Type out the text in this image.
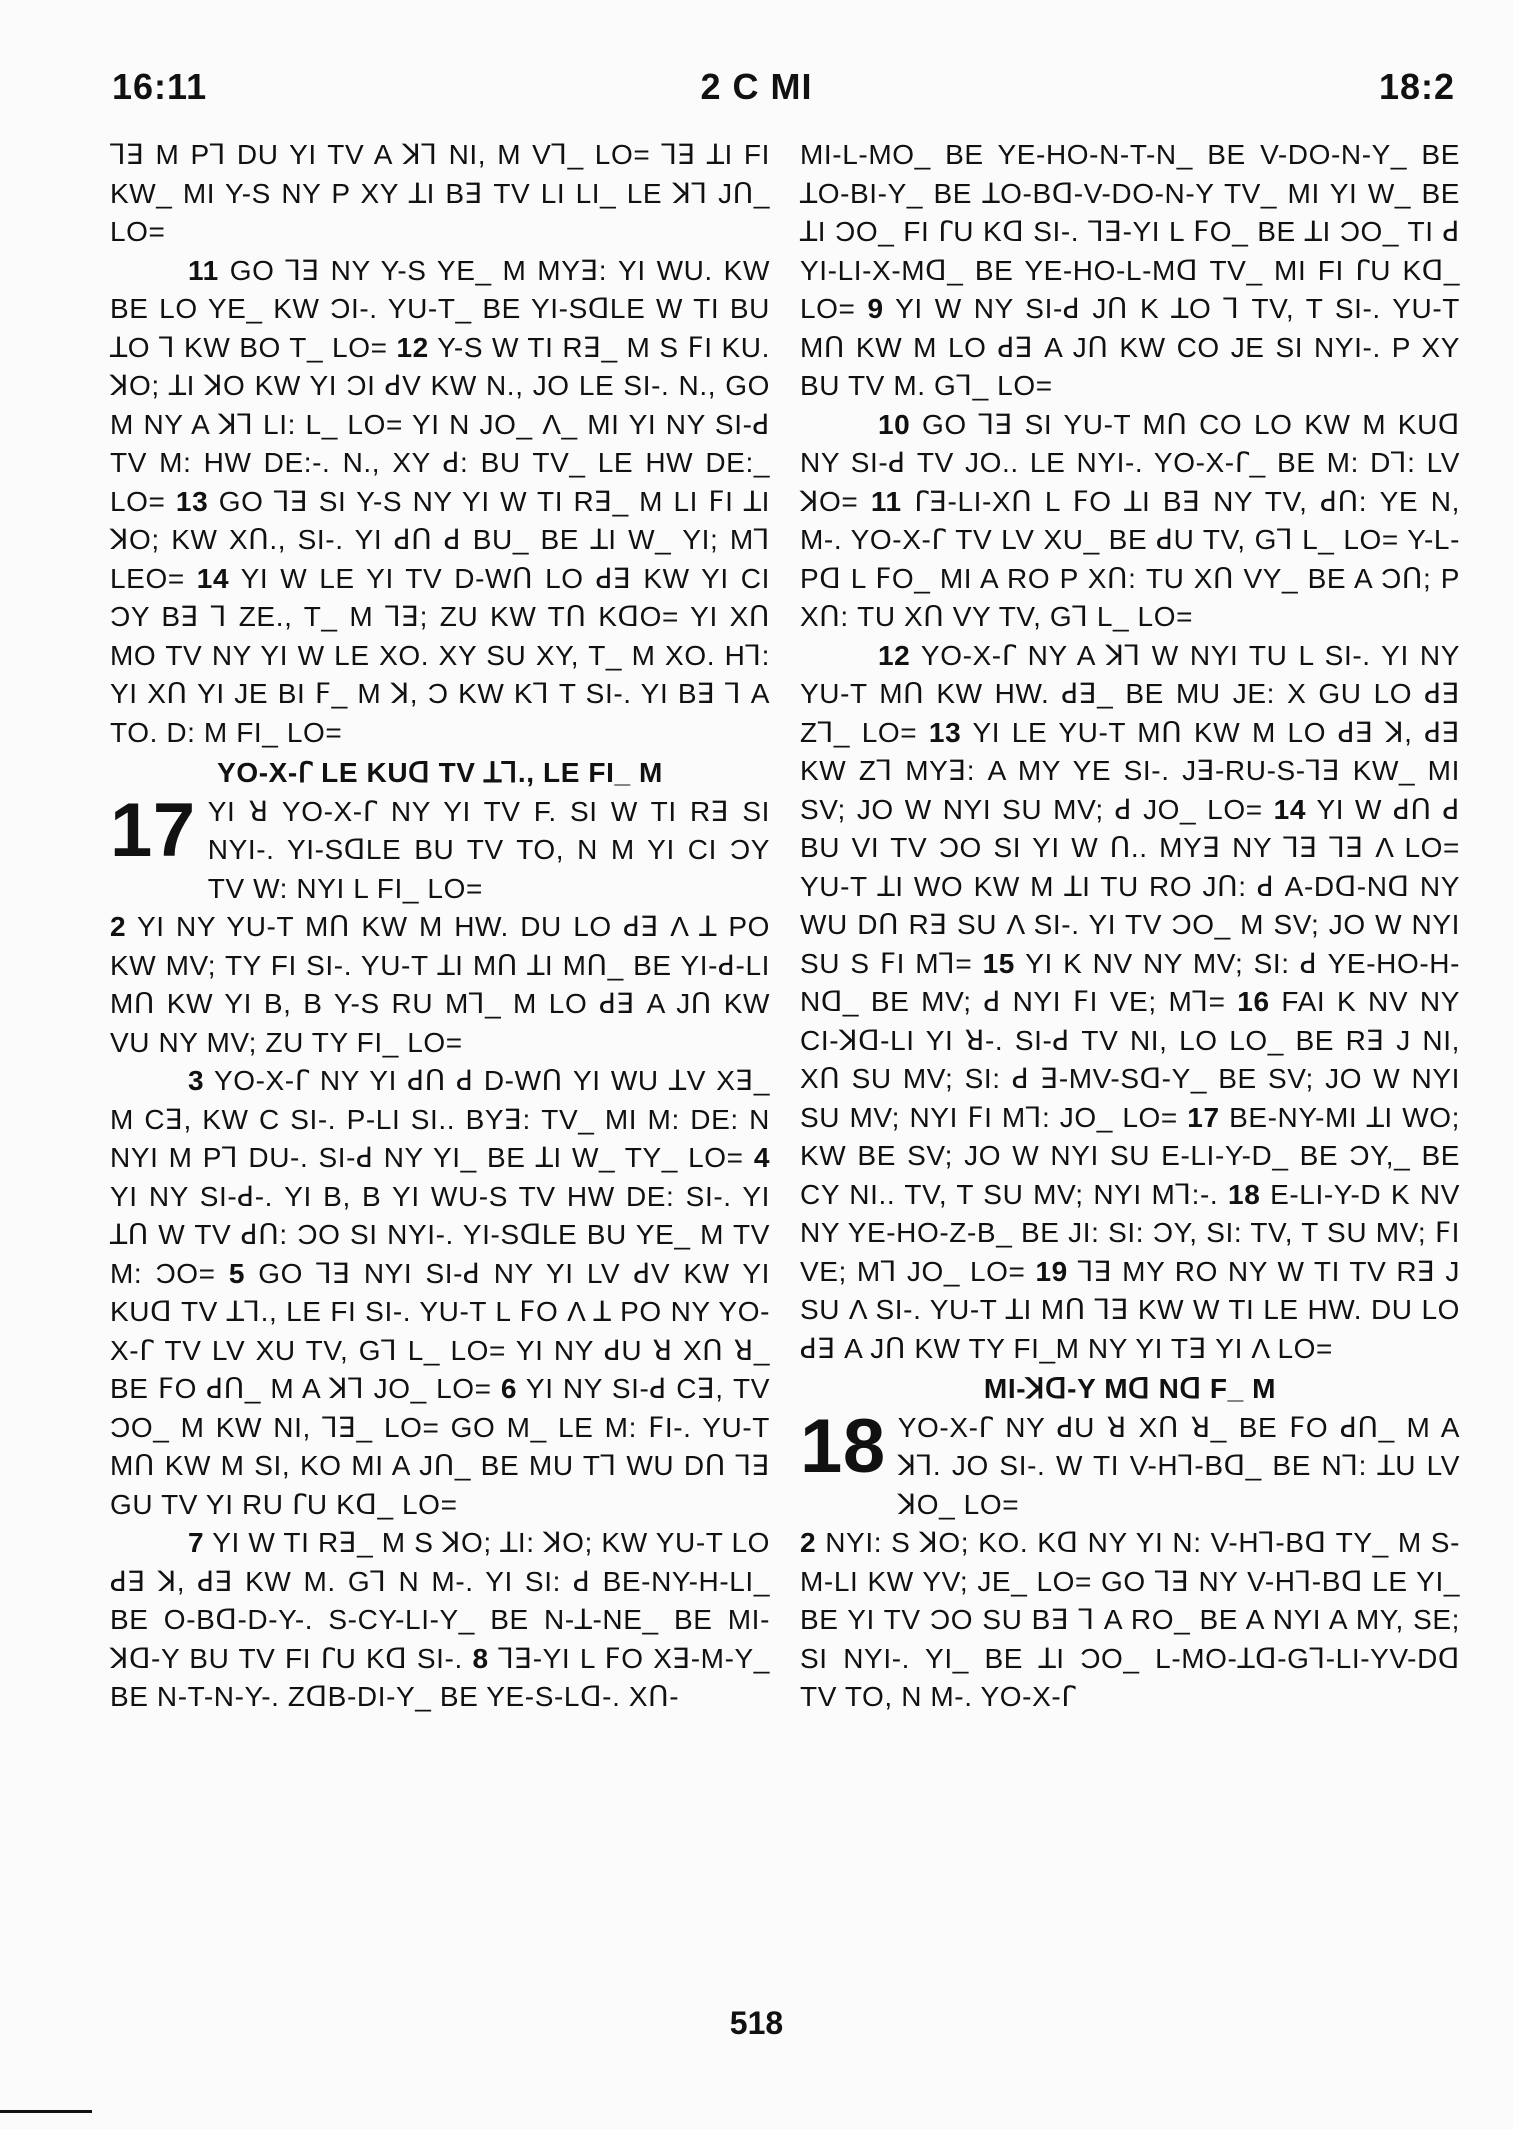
16:11	2 C MI	18:2

ꓶꓱ M Pꓶ DU YI TV A ꓘꓶ NI, M Vꓶ_ LO= ꓶꓱ ꓕI FI KW_ MI Y-S NY P XY ꓕI Bꓱ TV LI LI_ LE ꓘꓶ Jꓵ_ LO=

11 GO ꓶꓱ NY Y-S YE_ M MYꓱ: YI WU. KW BE LO YE_ KW ƆI-. YU-T_ BE YI-SꓷLE W TI BU ꓕO ꓶ KW BO T_ LO= 12 Y-S W TI Rꓱ_ M S ꓝI KU. ꓘO; ꓕI ꓘO KW YI ƆI ꓒV KW N., JO LE SI-. N., GO M NY A ꓘꓶ LI: L_ LO= YI N JO_ Λ_ MI YI NY SI-ꓒ TV M: HW DE:-. N., XY ꓒ: BU TV_ LE HW DE:_ LO= 13 GO ꓶꓱ SI Y-S NY YI W TI Rꓱ_ M LI ꓝI ꓕI ꓘO; KW Xꓵ., SI-. YI ꓒꓵ ꓒ BU_ BE ꓕI W_ YI; Mꓶ LEO= 14 YI W LE YI TV D-Wꓵ LO ꓒꓱ KW YI CI ƆY Bꓱ ꓶ ZE., T_ M ꓶꓱ; ZU KW Tꓵ KꓷO= YI Xꓵ MO TV NY YI W LE XO. XY SU XY, T_ M XO. Hꓶ: YI Xꓵ YI JE BI ꓝ_ M ꓘ, Ɔ KW Kꓶ T SI-. YI Bꓱ ꓶ A TO. D: M FI_ LO=

YO-X-ꓩ LE KUꓷ TV ꓕꓶ., LE FI_ M
17 YI ꓤ YO-X-ꓩ NY YI TV F. SI W TI Rꓱ SI NYI-. YI-SꓷLE BU TV TO, N M YI CI ƆY TV W: NYI L FI_ LO=

2 YI NY YU-T Mꓵ KW M HW. DU LO ꓒꓱ Λ ꓕ PO KW MV; TY FI SI-. YU-T ꓕI Mꓵ ꓕI Mꓵ_ BE YI-ꓒ-LI Mꓵ KW YI B, B Y-S RU Mꓶ_ M LO ꓒꓱ A Jꓵ KW VU NY MV; ZU TY FI_ LO=

3 YO-X-ꓩ NY YI ꓒꓵ ꓒ D-Wꓵ YI WU ꓕV Xꓱ_ M Cꓱ, KW C SI-. P-LI SI.. BYꓱ: TV_ MI M: DE: N NYI M Pꓶ DU-. SI-ꓒ NY YI_ BE ꓕI W_ TY_ LO= 4 YI NY SI-ꓒ-. YI B, B YI WU-S TV HW DE: SI-. YI ꓕꓵ W TV ꓒꓵ: ƆO SI NYI-. YI-SꓷLE BU YE_ M TV M: ƆO= 5 GO ꓶꓱ NYI SI-ꓒ NY YI LV ꓒV KW YI KUꓷ TV ꓕꓶ., LE FI SI-. YU-T L ꓝO Λ ꓕ PO NY YO-X-ꓩ TV LV XU TV, Gꓶ L_ LO= YI NY ꓒU ꓤ Xꓵ ꓤ_ BE ꓝO ꓒꓵ_ M A ꓘꓶ JO_ LO= 6 YI NY SI-ꓒ Cꓱ, TV ƆO_ M KW NI, ꓶꓱ_ LO= GO M_ LE M: ꓝI-. YU-T Mꓵ KW M SI, KO MI A Jꓵ_ BE MU Tꓶ WU Dꓵ ꓶꓱ GU TV YI RU ꓩU Kꓷ_ LO=

7 YI W TI Rꓱ_ M S ꓘO; ꓕI: ꓘO; KW YU-T LO ꓒꓱ ꓘ, ꓒꓱ KW M. Gꓶ N M-. YI SI: ꓒ BE-NY-H-LI_ BE O-Bꓷ-D-Y-. S-CY-LI-Y_ BE N-ꓕ-NE_ BE MI-ꓘꓷ-Y BU TV FI ꓩU Kꓷ SI-. 8 ꓶꓱ-YI L ꓝO Xꓱ-M-Y_ BE N-T-N-Y-. ZꓷB-DI-Y_ BE YE-S-Lꓷ-. Xꓵ-

MI-L-MO_ BE YE-HO-N-T-N_ BE V-DO-N-Y_ BE ꓕO-BI-Y_ BE ꓕO-Bꓷ-V-DO-N-Y TV_ MI YI W_ BE ꓕI ƆO_ FI ꓩU Kꓷ SI-. ꓶꓱ-YI L ꓝO_ BE ꓕI ƆO_ TI ꓒ YI-LI-X-Mꓷ_ BE YE-HO-L-Mꓷ TV_ MI FI ꓩU Kꓷ_ LO= 9 YI W NY SI-ꓒ Jꓵ K ꓕO ꓶ TV, T SI-. YU-T Mꓵ KW M LO ꓒꓱ A Jꓵ KW CO JE SI NYI-. P XY BU TV M. Gꓶ_ LO=

10 GO ꓶꓱ SI YU-T Mꓵ CO LO KW M KUꓷ NY SI-ꓒ TV JO.. LE NYI-. YO-X-ꓩ_ BE M: Dꓶ: LV ꓘO= 11 ꓩꓱ-LI-Xꓵ L ꓝO ꓕI Bꓱ NY TV, ꓒꓵ: YE N, M-. YO-X-ꓩ TV LV XU_ BE ꓒU TV, Gꓶ L_ LO= Y-L-Pꓷ L ꓝO_ MI A RO P Xꓵ: TU Xꓵ VY_ BE A Ɔꓵ; P Xꓵ: TU Xꓵ VY TV, Gꓶ L_ LO=

12 YO-X-ꓩ NY A ꓘꓶ W NYI TU L SI-. YI NY YU-T Mꓵ KW HW. ꓒꓱ_ BE MU JE: X GU LO ꓒꓱ Zꓶ_ LO= 13 YI LE YU-T Mꓵ KW M LO ꓒꓱ ꓘ, ꓒꓱ KW Zꓶ MYꓱ: A MY YE SI-. Jꓱ-RU-S-ꓶꓱ KW_ MI SV; JO W NYI SU MV; ꓒ JO_ LO= 14 YI W ꓒꓵ ꓒ BU VI TV ƆO SI YI W ꓵ.. MYꓱ NY ꓶꓱ ꓶꓱ Λ LO= YU-T ꓕI WO KW M ꓕI TU RO Jꓵ: ꓒ A-Dꓷ-Nꓷ NY WU Dꓵ Rꓱ SU Λ SI-. YI TV ƆO_ M SV; JO W NYI SU S ꓝI Mꓶ= 15 YI K NV NY MV; SI: ꓒ YE-HO-H-Nꓷ_ BE MV; ꓒ NYI ꓝI VE; Mꓶ= 16 FAI K NV NY CI-ꓘꓷ-LI YI ꓤ-. SI-ꓒ TV NI, LO LO_ BE Rꓱ J NI, Xꓵ SU MV; SI: ꓒ ꓱ-MV-Sꓷ-Y_ BE SV; JO W NYI SU MV; NYI ꓝI Mꓶ: JO_ LO= 17 BE-NY-MI ꓕI WO; KW BE SV; JO W NYI SU E-LI-Y-D_ BE ƆY,_ BE CY NI.. TV, T SU MV; NYI Mꓶ:-. 18 E-LI-Y-D K NV NY YE-HO-Z-B_ BE JI: SI: ƆY, SI: TV, T SU MV; ꓝI VE; Mꓶ JO_ LO= 19 ꓶꓱ MY RO NY W TI TV Rꓱ J SU Λ SI-. YU-T ꓕI Mꓵ ꓶꓱ KW W TI LE HW. DU LO ꓒꓱ A Jꓵ KW TY FI_M NY YI Tꓱ YI Λ LO=

MI-ꓘꓷ-Y Mꓷ Nꓷ F_ M
18 YO-X-ꓩ NY ꓒU ꓤ Xꓵ ꓤ_ BE ꓝO ꓒꓵ_ M A ꓘꓶ. JO SI-. W TI V-Hꓶ-Bꓷ_ BE Nꓶ: ꓕU LV ꓘO_ LO=

2 NYI: S ꓘO; KO. Kꓷ NY YI N: V-Hꓶ-Bꓷ TY_ M S-M-LI KW YV; JE_ LO= GO ꓶꓱ NY V-Hꓶ-Bꓷ LE YI_ BE YI TV ƆO SU Bꓱ ꓶ A RO_ BE A NYI A MY, SE; SI NYI-. YI_ BE ꓕI ƆO_ L-MO-ꓕꓷ-Gꓶ-LI-YV-Dꓷ TV TO, N M-. YO-X-ꓩ

518
